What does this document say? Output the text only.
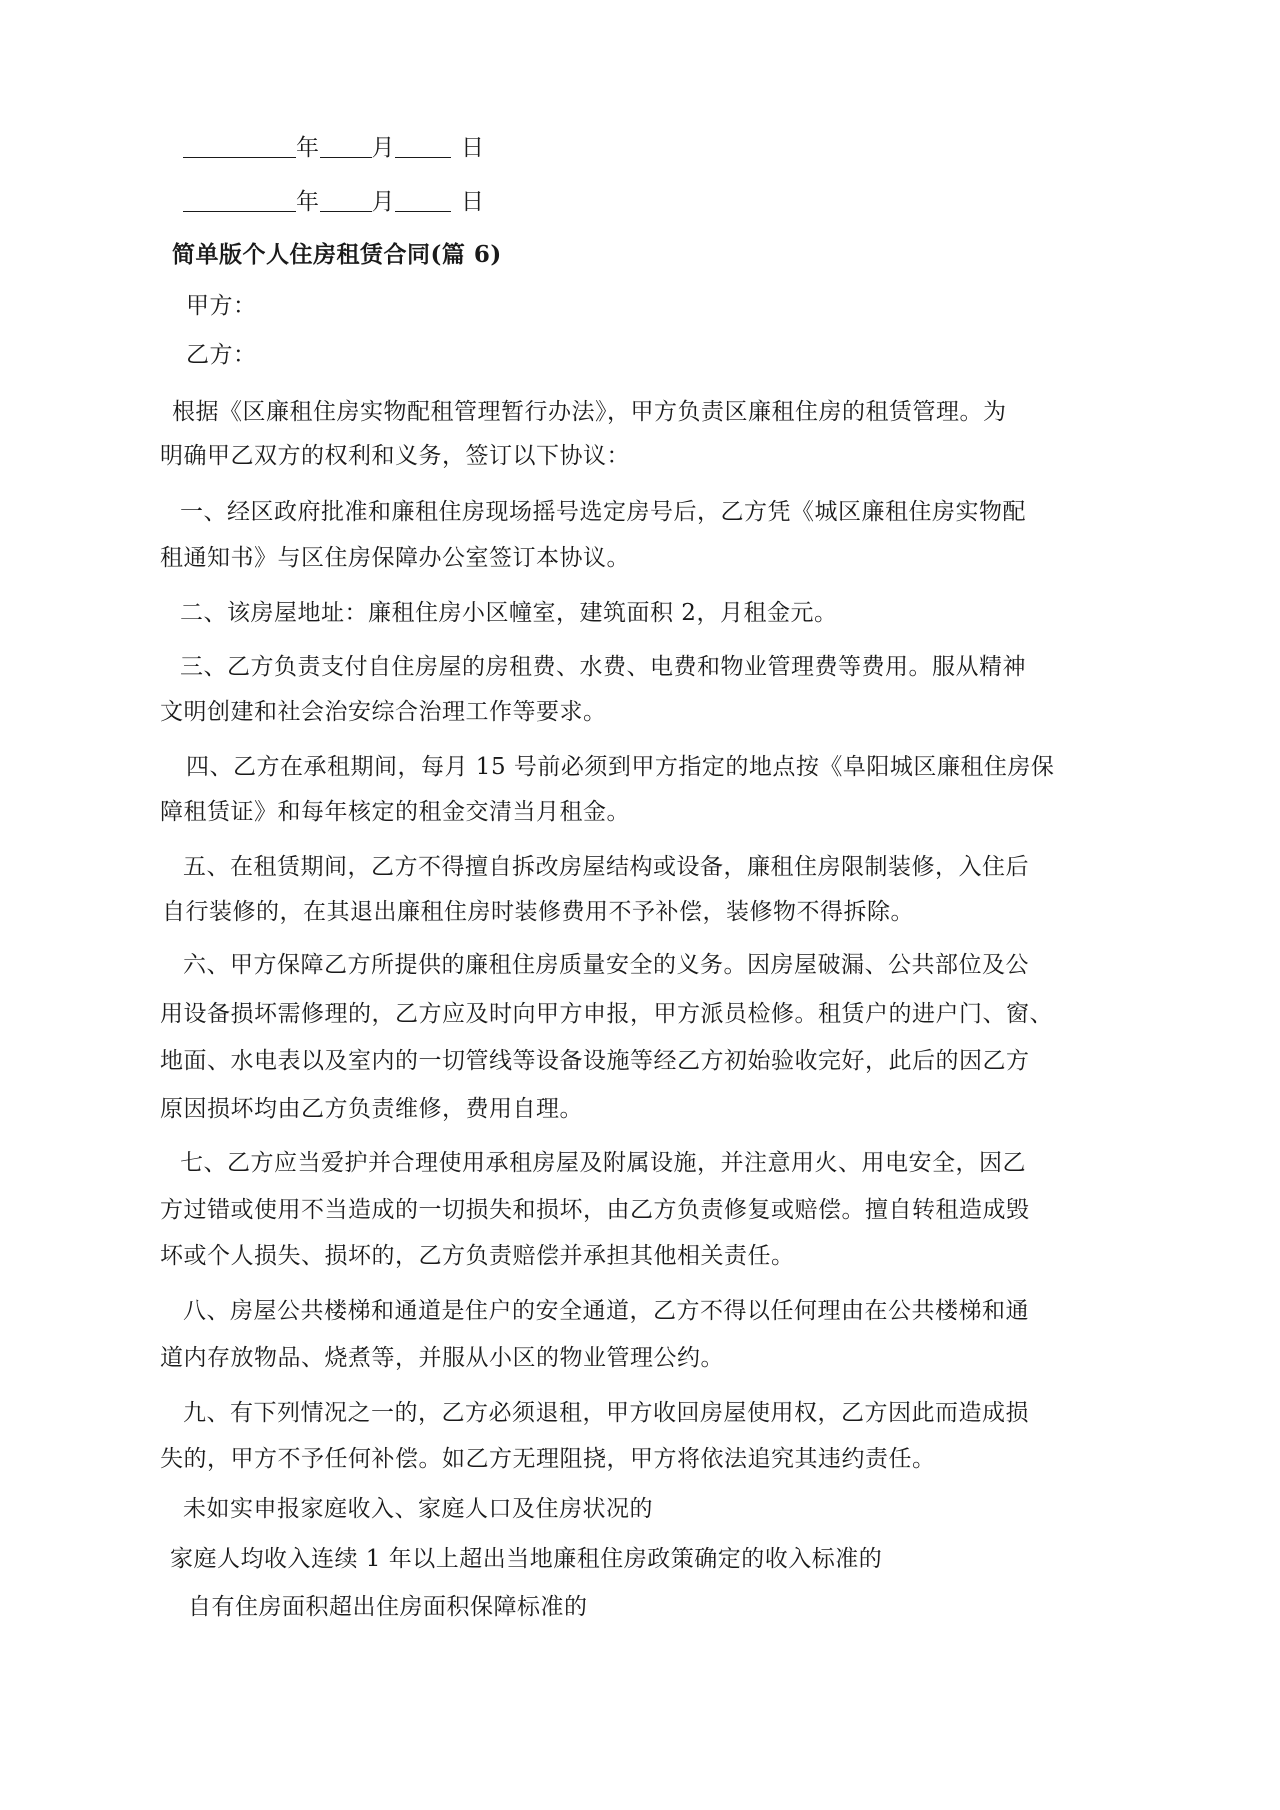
年 月	日
年 月	日
简单版个人住房租赁合同(篇 6)
甲方：
乙方：
根据《区廉租住房实物配租管理暂行办法》，甲方负责区廉租住房的租赁管理。为
明确甲乙双方的权利和义务，签订以下协议：
一、经区政府批准和廉租住房现场摇号选定房号后，乙方凭《城区廉租住房实物配
租通知书》与区住房保障办公室签订本协议。
二、该房屋地址：廉租住房小区幢室，建筑面积 2，月租金元。
三、乙方负责支付自住房屋的房租费、水费、电费和物业管理费等费用。服从精神
文明创建和社会治安综合治理工作等要求。
四、乙方在承租期间，每月 15 号前必须到甲方指定的地点按《阜阳城区廉租住房保
障租赁证》和每年核定的租金交清当月租金。
五、在租赁期间，乙方不得擅自拆改房屋结构或设备，廉租住房限制装修，入住后
自行装修的，在其退出廉租住房时装修费用不予补偿，装修物不得拆除。
六、甲方保障乙方所提供的廉租住房质量安全的义务。因房屋破漏、公共部位及公
用设备损坏需修理的，乙方应及时向甲方申报，甲方派员检修。租赁户的进户门、窗、
地面、水电表以及室内的一切管线等设备设施等经乙方初始验收完好，此后的因乙方
原因损坏均由乙方负责维修，费用自理。
七、乙方应当爱护并合理使用承租房屋及附属设施，并注意用火、用电安全，因乙
方过错或使用不当造成的一切损失和损坏，由乙方负责修复或赔偿。擅自转租造成毁
坏或个人损失、损坏的，乙方负责赔偿并承担其他相关责任。
八、房屋公共楼梯和通道是住户的安全通道，乙方不得以任何理由在公共楼梯和通
道内存放物品、烧煮等，并服从小区的物业管理公约。
九、有下列情况之一的，乙方必须退租，甲方收回房屋使用权，乙方因此而造成损
失的，甲方不予任何补偿。如乙方无理阻挠，甲方将依法追究其违约责任。
未如实申报家庭收入、家庭人口及住房状况的
家庭人均收入连续 1 年以上超出当地廉租住房政策确定的收入标准的
自有住房面积超出住房面积保障标准的
